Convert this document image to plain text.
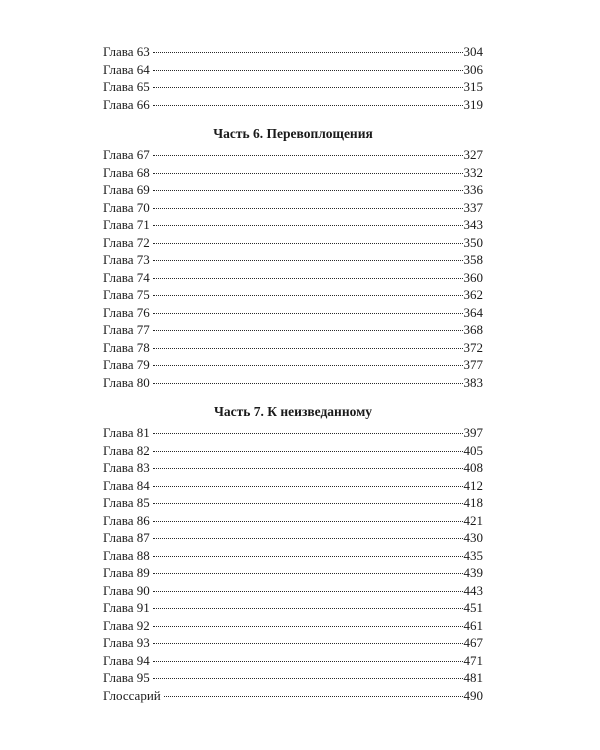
Глава 63	304
Глава 64	306
Глава 65	315
Глава 66	319
Часть 6. Перевоплощения
Глава 67	327
Глава 68	332
Глава 69	336
Глава 70	337
Глава 71	343
Глава 72	350
Глава 73	358
Глава 74	360
Глава 75	362
Глава 76	364
Глава 77	368
Глава 78	372
Глава 79	377
Глава 80	383
Часть 7. К неизведанному
Глава 81	397
Глава 82	405
Глава 83	408
Глава 84	412
Глава 85	418
Глава 86	421
Глава 87	430
Глава 88	435
Глава 89	439
Глава 90	443
Глава 91	451
Глава 92	461
Глава 93	467
Глава 94	471
Глава 95	481
Глоссарий	490
